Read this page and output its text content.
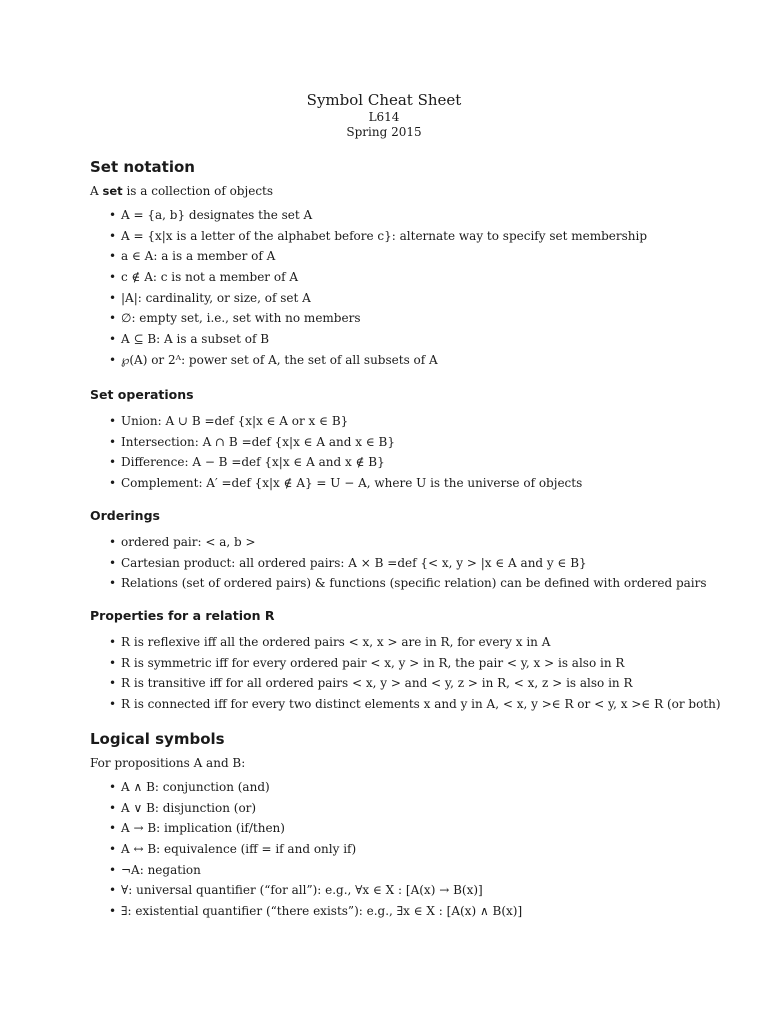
Symbol Cheat Sheet
L614
Spring 2015
Set notation

A set is a collection of objects

• A = {a, b} designates the set A
• A = {x|x is a letter of the alphabet before c}: alternate way to specify set membership
• a ∈ A: a is a member of A
• c ∉ A: c is not a member of A
• |A|: cardinality, or size, of set A
• ∅: empty set, i.e., set with no members
• A ⊆ B: A is a subset of B
• ℘(A) or 2ᴬ: power set of A, the set of all subsets of A
Set operations
• Union: A ∪ B =def {x|x ∈ A or x ∈ B}
• Intersection: A ∩ B =def {x|x ∈ A and x ∈ B}
• Difference: A − B =def {x|x ∈ A and x ∉ B}
• Complement: A′ =def {x|x ∉ A} = U − A, where U is the universe of objects
Orderings
• ordered pair: < a, b >
• Cartesian product: all ordered pairs: A × B =def {< x, y > |x ∈ A and y ∈ B}
• Relations (set of ordered pairs) & functions (specific relation) can be defined with ordered pairs
Properties for a relation R
• R is reflexive iff all the ordered pairs < x, x > are in R, for every x in A
• R is symmetric iff for every ordered pair < x, y > in R, the pair < y, x > is also in R
• R is transitive iff for all ordered pairs < x, y > and < y, z > in R, < x, z > is also in R
• R is connected iff for every two distinct elements x and y in A, < x, y >∈ R or < y, x >∈ R (or both)
Logical symbols

For propositions A and B:

• A ∧ B: conjunction (and)
• A ∨ B: disjunction (or)
• A → B: implication (if/then)
• A ↔ B: equivalence (iff = if and only if)
• ¬A: negation
• ∀: universal quantifier (“for all”): e.g., ∀x ∈ X : [A(x) → B(x)]
• ∃: existential quantifier (“there exists”): e.g., ∃x ∈ X : [A(x) ∧ B(x)]
